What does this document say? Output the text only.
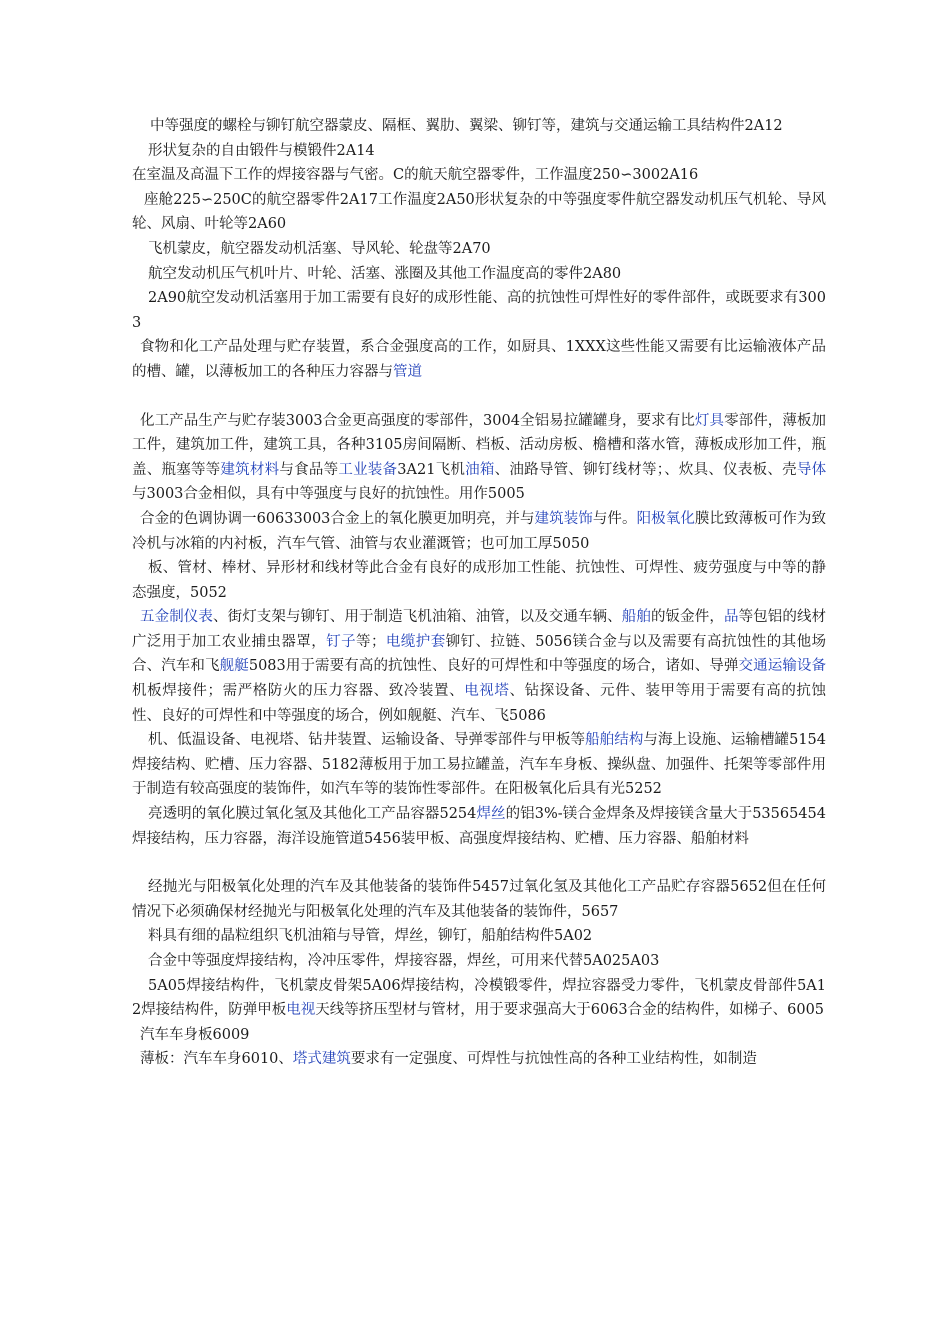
中等强度的螺栓与铆钉航空器蒙皮、隔框、翼肋、翼梁、铆钉等，建筑与交通运输工具结构件2A12

形状复杂的自由锻件与模锻件2A14

在室温及高温下工作的焊接容器与气密。C的航天航空器零件，工作温度250∽3002A16

座舱225∽250C的航空器零件2A17工作温度2A50形状复杂的中等强度零件航空器发动机压气机轮、导风轮、风扇、叶轮等2A60

飞机蒙皮，航空器发动机活塞、导风轮、轮盘等2A70

航空发动机压气机叶片、叶轮、活塞、涨圈及其他工作温度高的零件2A80

2A90航空发动机活塞用于加工需要有良好的成形性能、高的抗蚀性可焊性好的零件部件，或既要求有3003

食物和化工产品处理与贮存装置，系合金强度高的工作，如厨具、1XXX这些性能又需要有比运输液体产品的槽、罐，以薄板加工的各种压力容器与管道

化工产品生产与贮存装3003合金更高强度的零部件，3004全铝易拉罐罐身，要求有比灯具零部件，薄板加工件，建筑加工件，建筑工具，各种3105房间隔断、档板、活动房板、檐槽和落水管，薄板成形加工件，瓶盖、瓶塞等等建筑材料与食品等工业装备3A21飞机油箱、油路导管、铆钉线材等；、炊具、仪表板、壳导体与3003合金相似，具有中等强度与良好的抗蚀性。用作5005

合金的色调协调一60633003合金上的氧化膜更加明亮，并与建筑装饰与件。阳极氧化膜比致薄板可作为致冷机与冰箱的内衬板，汽车气管、油管与农业灌溉管；也可加工厚5050

板、管材、棒材、异形材和线材等此合金有良好的成形加工性能、抗蚀性、可焊性、疲劳强度与中等的静态强度，5052

五金制仪表、街灯支架与铆钉、用于制造飞机油箱、油管，以及交通车辆、船舶的钣金件，品等包铝的线材广泛用于加工农业捕虫器罩，钉子等；电缆护套铆钉、拉链、5056镁合金与以及需要有高抗蚀性的其他场合、汽车和飞舰艇5083用于需要有高的抗蚀性、良好的可焊性和中等强度的场合，诸如、导弹交通运输设备机板焊接件；需严格防火的压力容器、致冷装置、电视塔、钻探设备、元件、装甲等用于需要有高的抗蚀性、良好的可焊性和中等强度的场合，例如舰艇、汽车、飞5086

机、低温设备、电视塔、钻井装置、运输设备、导弹零部件与甲板等船舶结构与海上设施、运输槽罐5154焊接结构、贮槽、压力容器、5182薄板用于加工易拉罐盖，汽车车身板、操纵盘、加强件、托架等零部件用于制造有较高强度的装饰件，如汽车等的装饰性零部件。在阳极氧化后具有光5252

亮透明的氧化膜过氧化氢及其他化工产品容器5254焊丝的铝3%-镁合金焊条及焊接镁含量大于53565454焊接结构，压力容器，海洋设施管道5456装甲板、高强度焊接结构、贮槽、压力容器、船舶材料

经抛光与阳极氧化处理的汽车及其他装备的装饰件5457过氧化氢及其他化工产品贮存容器5652但在任何情况下必须确保材经抛光与阳极氧化处理的汽车及其他装备的装饰件，5657

料具有细的晶粒组织飞机油箱与导管，焊丝，铆钉，船舶结构件5A02

合金中等强度焊接结构，冷冲压零件，焊接容器，焊丝，可用来代替5A025A03

5A05焊接结构件，飞机蒙皮骨架5A06焊接结构，冷模锻零件，焊拉容器受力零件，飞机蒙皮骨部件5A12焊接结构件，防弹甲板电视天线等挤压型材与管材，用于要求强高大于6063合金的结构件，如梯子、6005

汽车车身板6009

薄板：汽车车身6010、塔式建筑要求有一定强度、可焊性与抗蚀性高的各种工业结构性，如制造
